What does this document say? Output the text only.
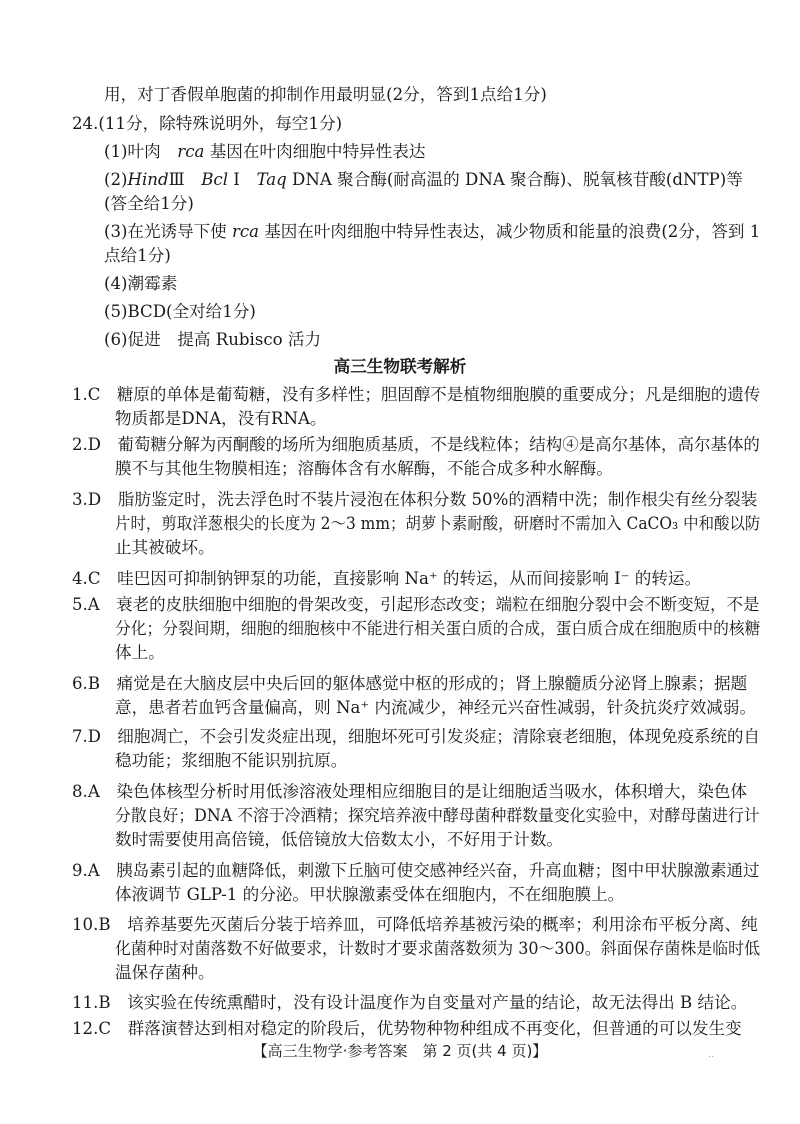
用，对丁香假单胞菌的抑制作用最明显(2分，答到1点给1分)
24.(11分，除特殊说明外，每空1分)
(1)叶肉　rca 基因在叶肉细胞中特异性表达
(2)HindⅢ　Bcl Ⅰ　Taq DNA 聚合酶(耐高温的 DNA 聚合酶)、脱氧核苷酸(dNTP)等
(答全给1分)
(3)在光诱导下使 rca 基因在叶肉细胞中特异性表达，减少物质和能量的浪费(2分，答到 1
点给1分)
(4)潮霉素
(5)BCD(全对给1分)
(6)促进　提高 Rubisco 活力
高三生物联考解析
1.C　糖原的单体是葡萄糖，没有多样性；胆固醇不是植物细胞膜的重要成分；凡是细胞的遗传
物质都是DNA，没有RNA。
2.D　葡萄糖分解为丙酮酸的场所为细胞质基质，不是线粒体；结构④是高尔基体，高尔基体的
膜不与其他生物膜相连；溶酶体含有水解酶，不能合成多种水解酶。
3.D　脂肪鉴定时，洗去浮色时不装片浸泡在体积分数 50%的酒精中洗；制作根尖有丝分裂装
片时，剪取洋葱根尖的长度为 2～3 mm；胡萝卜素耐酸，研磨时不需加入 CaCO₃ 中和酸以防
止其被破坏。
4.C　哇巴因可抑制钠钾泵的功能，直接影响 Na⁺ 的转运，从而间接影响 I⁻ 的转运。
5.A　衰老的皮肤细胞中细胞的骨架改变，引起形态改变；端粒在细胞分裂中会不断变短，不是
分化；分裂间期，细胞的细胞核中不能进行相关蛋白质的合成，蛋白质合成在细胞质中的核糖
体上。
6.B　痛觉是在大脑皮层中央后回的躯体感觉中枢的形成的；肾上腺髓质分泌肾上腺素；据题
意，患者若血钙含量偏高，则 Na⁺ 内流减少，神经元兴奋性减弱，针灸抗炎疗效减弱。
7.D　细胞凋亡，不会引发炎症出现，细胞坏死可引发炎症；清除衰老细胞，体现免疫系统的自
稳功能；浆细胞不能识别抗原。
8.A　染色体核型分析时用低渗溶液处理相应细胞目的是让细胞适当吸水，体积增大，染色体
分散良好；DNA 不溶于冷酒精；探究培养液中酵母菌种群数量变化实验中，对酵母菌进行计
数时需要使用高倍镜，低倍镜放大倍数太小，不好用于计数。
9.A　胰岛素引起的血糖降低，刺激下丘脑可使交感神经兴奋，升高血糖；图中甲状腺激素通过
体液调节 GLP-1 的分泌。甲状腺激素受体在细胞内，不在细胞膜上。
10.B　培养基要先灭菌后分装于培养皿，可降低培养基被污染的概率；利用涂布平板分离、纯
化菌种时对菌落数不好做要求，计数时才要求菌落数须为 30～300。斜面保存菌株是临时低
温保存菌种。
11.B　该实验在传统熏醋时，没有设计温度作为自变量对产量的结论，故无法得出 B 结论。
12.C　群落演替达到相对稳定的阶段后，优势物种物种组成不再变化，但普通的可以发生变
【高三生物学·参考答案　第 2 页(共 4 页)】	..
